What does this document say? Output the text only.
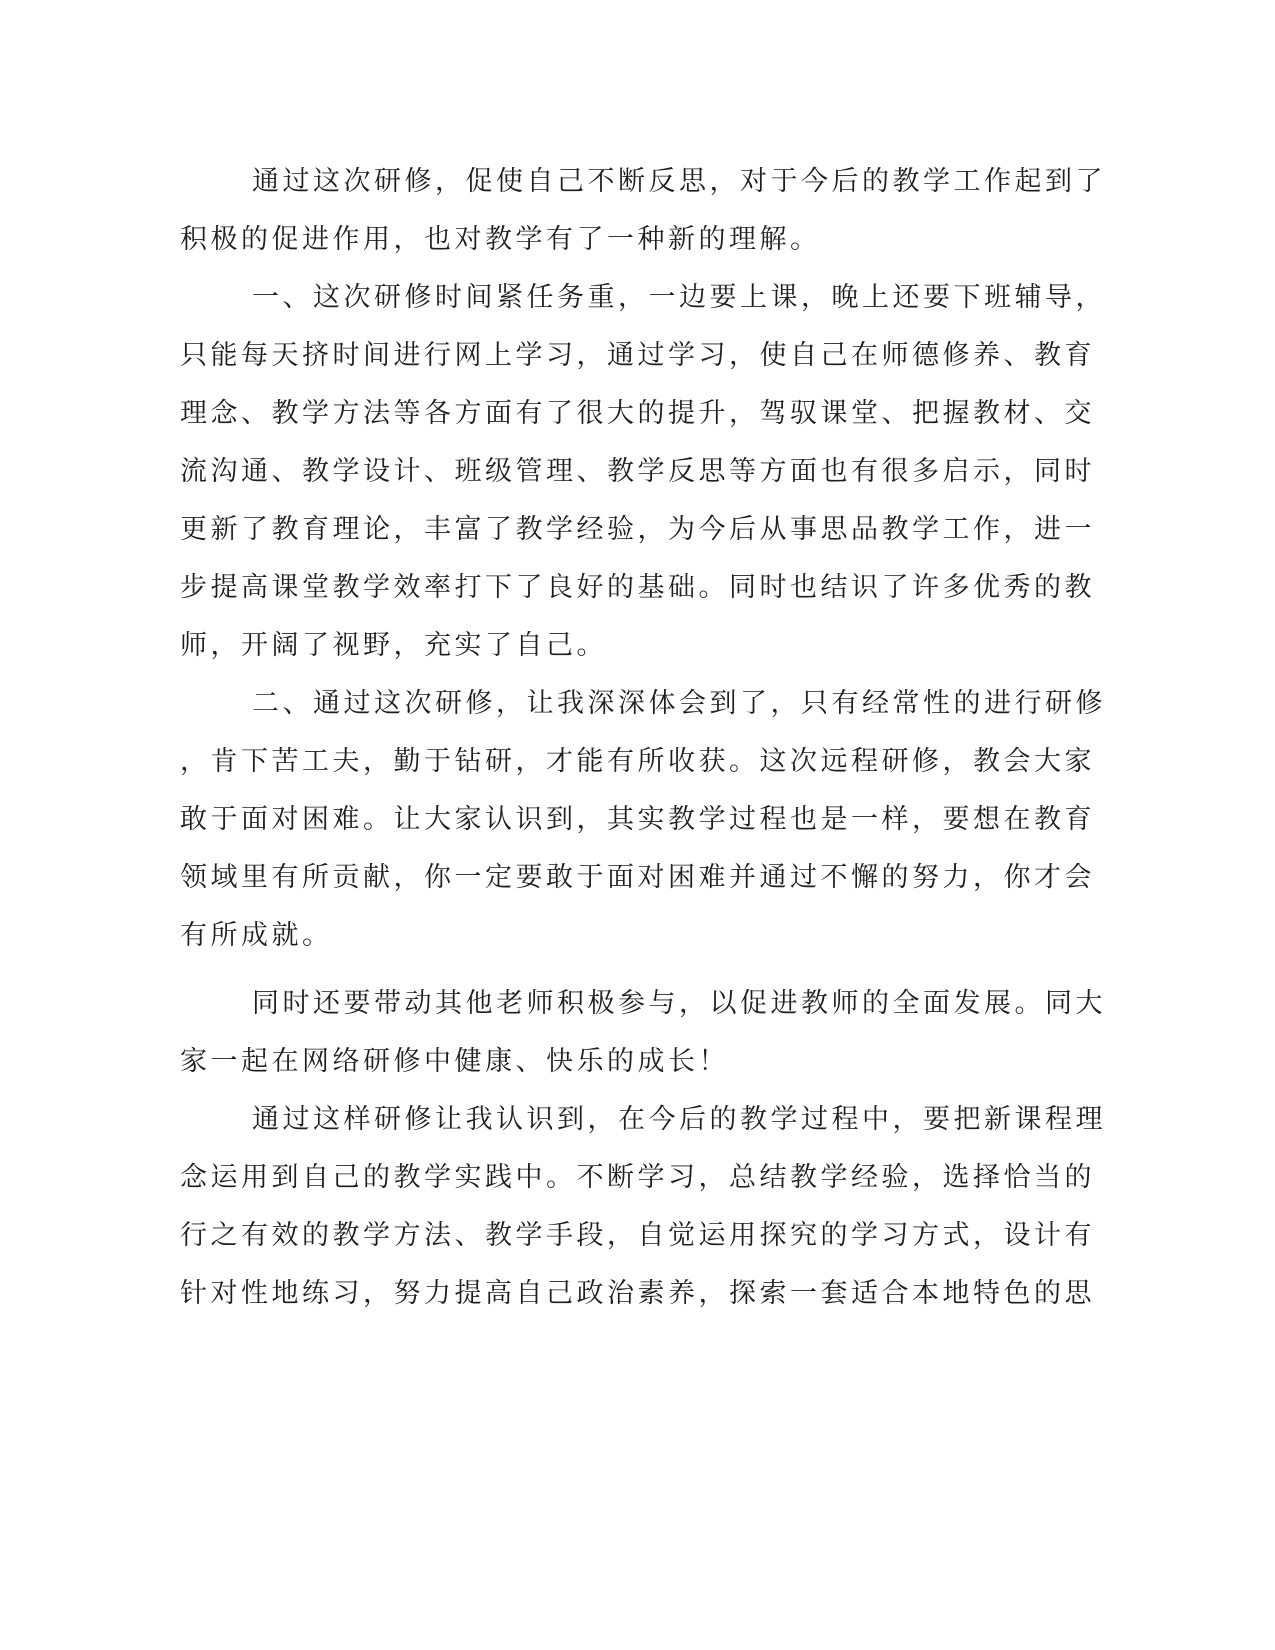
通过这次研修，促使自己不断反思，对于今后的教学工作起到了
积极的促进作用，也对教学有了一种新的理解。
一、这次研修时间紧任务重，一边要上课，晚上还要下班辅导，
只能每天挤时间进行网上学习，通过学习，使自己在师德修养、教育
理念、教学方法等各方面有了很大的提升，驾驭课堂、把握教材、交
流沟通、教学设计、班级管理、教学反思等方面也有很多启示，同时
更新了教育理论，丰富了教学经验，为今后从事思品教学工作，进一
步提高课堂教学效率打下了良好的基础。同时也结识了许多优秀的教
师，开阔了视野，充实了自己。
二、通过这次研修，让我深深体会到了，只有经常性的进行研修
，肯下苦工夫，勤于钻研，才能有所收获。这次远程研修，教会大家
敢于面对困难。让大家认识到，其实教学过程也是一样，要想在教育
领域里有所贡献，你一定要敢于面对困难并通过不懈的努力，你才会
有所成就。
同时还要带动其他老师积极参与，以促进教师的全面发展。同大
家一起在网络研修中健康、快乐的成长！
通过这样研修让我认识到，在今后的教学过程中，要把新课程理
念运用到自己的教学实践中。不断学习，总结教学经验，选择恰当的
行之有效的教学方法、教学手段，自觉运用探究的学习方式，设计有
针对性地练习，努力提高自己政治素养，探索一套适合本地特色的思
